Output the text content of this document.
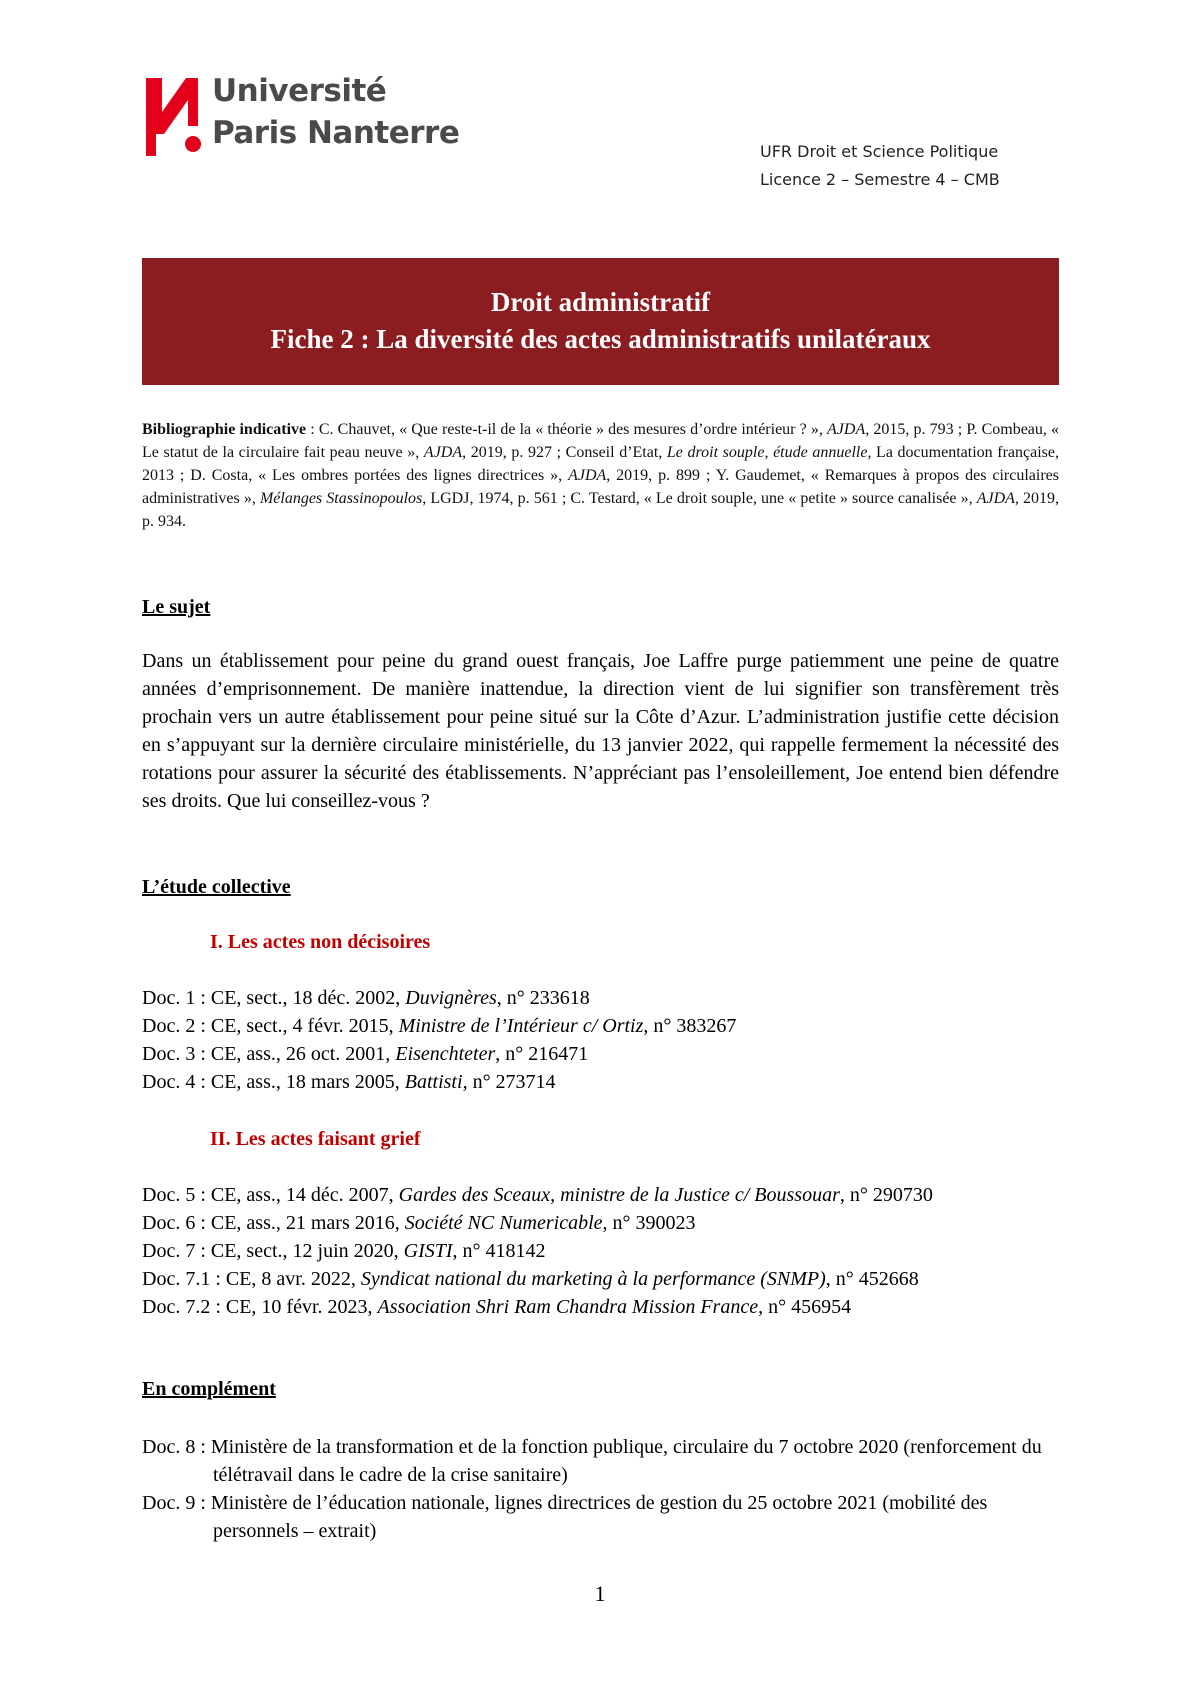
Université
Paris Nanterre
UFR Droit et Science Politique
Licence 2 – Semestre 4 – CMB
Droit administratif
Fiche 2 : La diversité des actes administratifs unilatéraux
Bibliographie indicative : C. Chauvet, « Que reste-t-il de la « théorie » des mesures d’ordre intérieur ? », AJDA, 2015, p. 793 ; P. Combeau, « Le statut de la circulaire fait peau neuve », AJDA, 2019, p. 927 ; Conseil d’Etat, Le droit souple, étude annuelle, La documentation française, 2013 ; D. Costa, « Les ombres portées des lignes directrices », AJDA, 2019, p. 899 ; Y. Gaudemet, « Remarques à propos des circulaires administratives », Mélanges Stassinopoulos, LGDJ, 1974, p. 561 ; C. Testard, « Le droit souple, une « petite » source canalisée », AJDA, 2019, p. 934.
Le sujet
Dans un établissement pour peine du grand ouest français, Joe Laffre purge patiemment une peine de quatre années d’emprisonnement. De manière inattendue, la direction vient de lui signifier son transfèrement très prochain vers un autre établissement pour peine situé sur la Côte d’Azur. L’administration justifie cette décision en s’appuyant sur la dernière circulaire ministérielle, du 13 janvier 2022, qui rappelle fermement la nécessité des rotations pour assurer la sécurité des établissements. N’appréciant pas l’ensoleillement, Joe entend bien défendre ses droits. Que lui conseillez-vous ?
L’étude collective
I. Les actes non décisoires
Doc. 1 : CE, sect., 18 déc. 2002, Duvignères, n° 233618
Doc. 2 : CE, sect., 4 févr. 2015, Ministre de l’Intérieur c/ Ortiz, n° 383267
Doc. 3 : CE, ass., 26 oct. 2001, Eisenchteter, n° 216471
Doc. 4 : CE, ass., 18 mars 2005, Battisti, n° 273714
II. Les actes faisant grief
Doc. 5 : CE, ass., 14 déc. 2007, Gardes des Sceaux, ministre de la Justice c/ Boussouar, n° 290730
Doc. 6 : CE, ass., 21 mars 2016, Société NC Numericable, n° 390023
Doc. 7 : CE, sect., 12 juin 2020, GISTI, n° 418142
Doc. 7.1 : CE, 8 avr. 2022, Syndicat national du marketing à la performance (SNMP), n° 452668
Doc. 7.2 : CE, 10 févr. 2023, Association Shri Ram Chandra Mission France, n° 456954
En complément
Doc. 8 : Ministère de la transformation et de la fonction publique, circulaire du 7 octobre 2020 (renforcement du télétravail dans le cadre de la crise sanitaire)
Doc. 9 : Ministère de l’éducation nationale, lignes directrices de gestion du 25 octobre 2021 (mobilité des personnels – extrait)
1
